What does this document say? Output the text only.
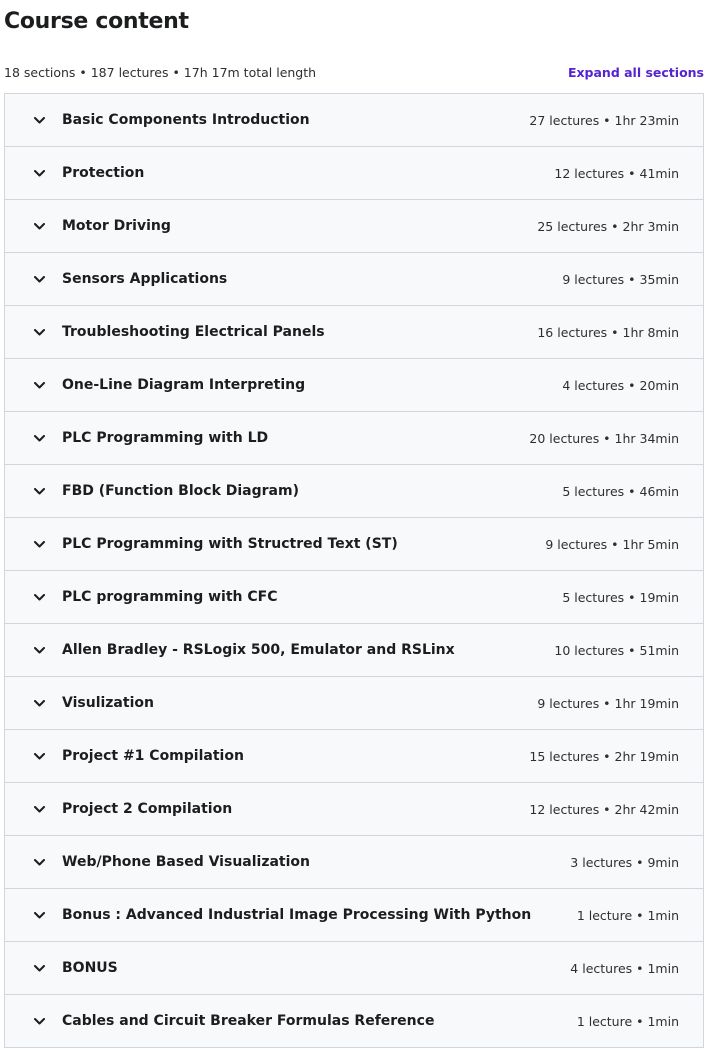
Course content
18 sections • 187 lectures • 17h 17m total length	Expand all sections
Basic Components Introduction	27 lectures • 1hr 23min
Protection	12 lectures • 41min
Motor Driving	25 lectures • 2hr 3min
Sensors Applications	9 lectures • 35min
Troubleshooting Electrical Panels	16 lectures • 1hr 8min
One-Line Diagram Interpreting	4 lectures • 20min
PLC Programming with LD	20 lectures • 1hr 34min
FBD (Function Block Diagram)	5 lectures • 46min
PLC Programming with Structred Text (ST)	9 lectures • 1hr 5min
PLC programming with CFC	5 lectures • 19min
Allen Bradley - RSLogix 500, Emulator and RSLinx	10 lectures • 51min
Visulization	9 lectures • 1hr 19min
Project #1 Compilation	15 lectures • 2hr 19min
Project 2 Compilation	12 lectures • 2hr 42min
Web/Phone Based Visualization	3 lectures • 9min
Bonus : Advanced Industrial Image Processing With Python	1 lecture • 1min
BONUS	4 lectures • 1min
Cables and Circuit Breaker Formulas Reference	1 lecture • 1min
